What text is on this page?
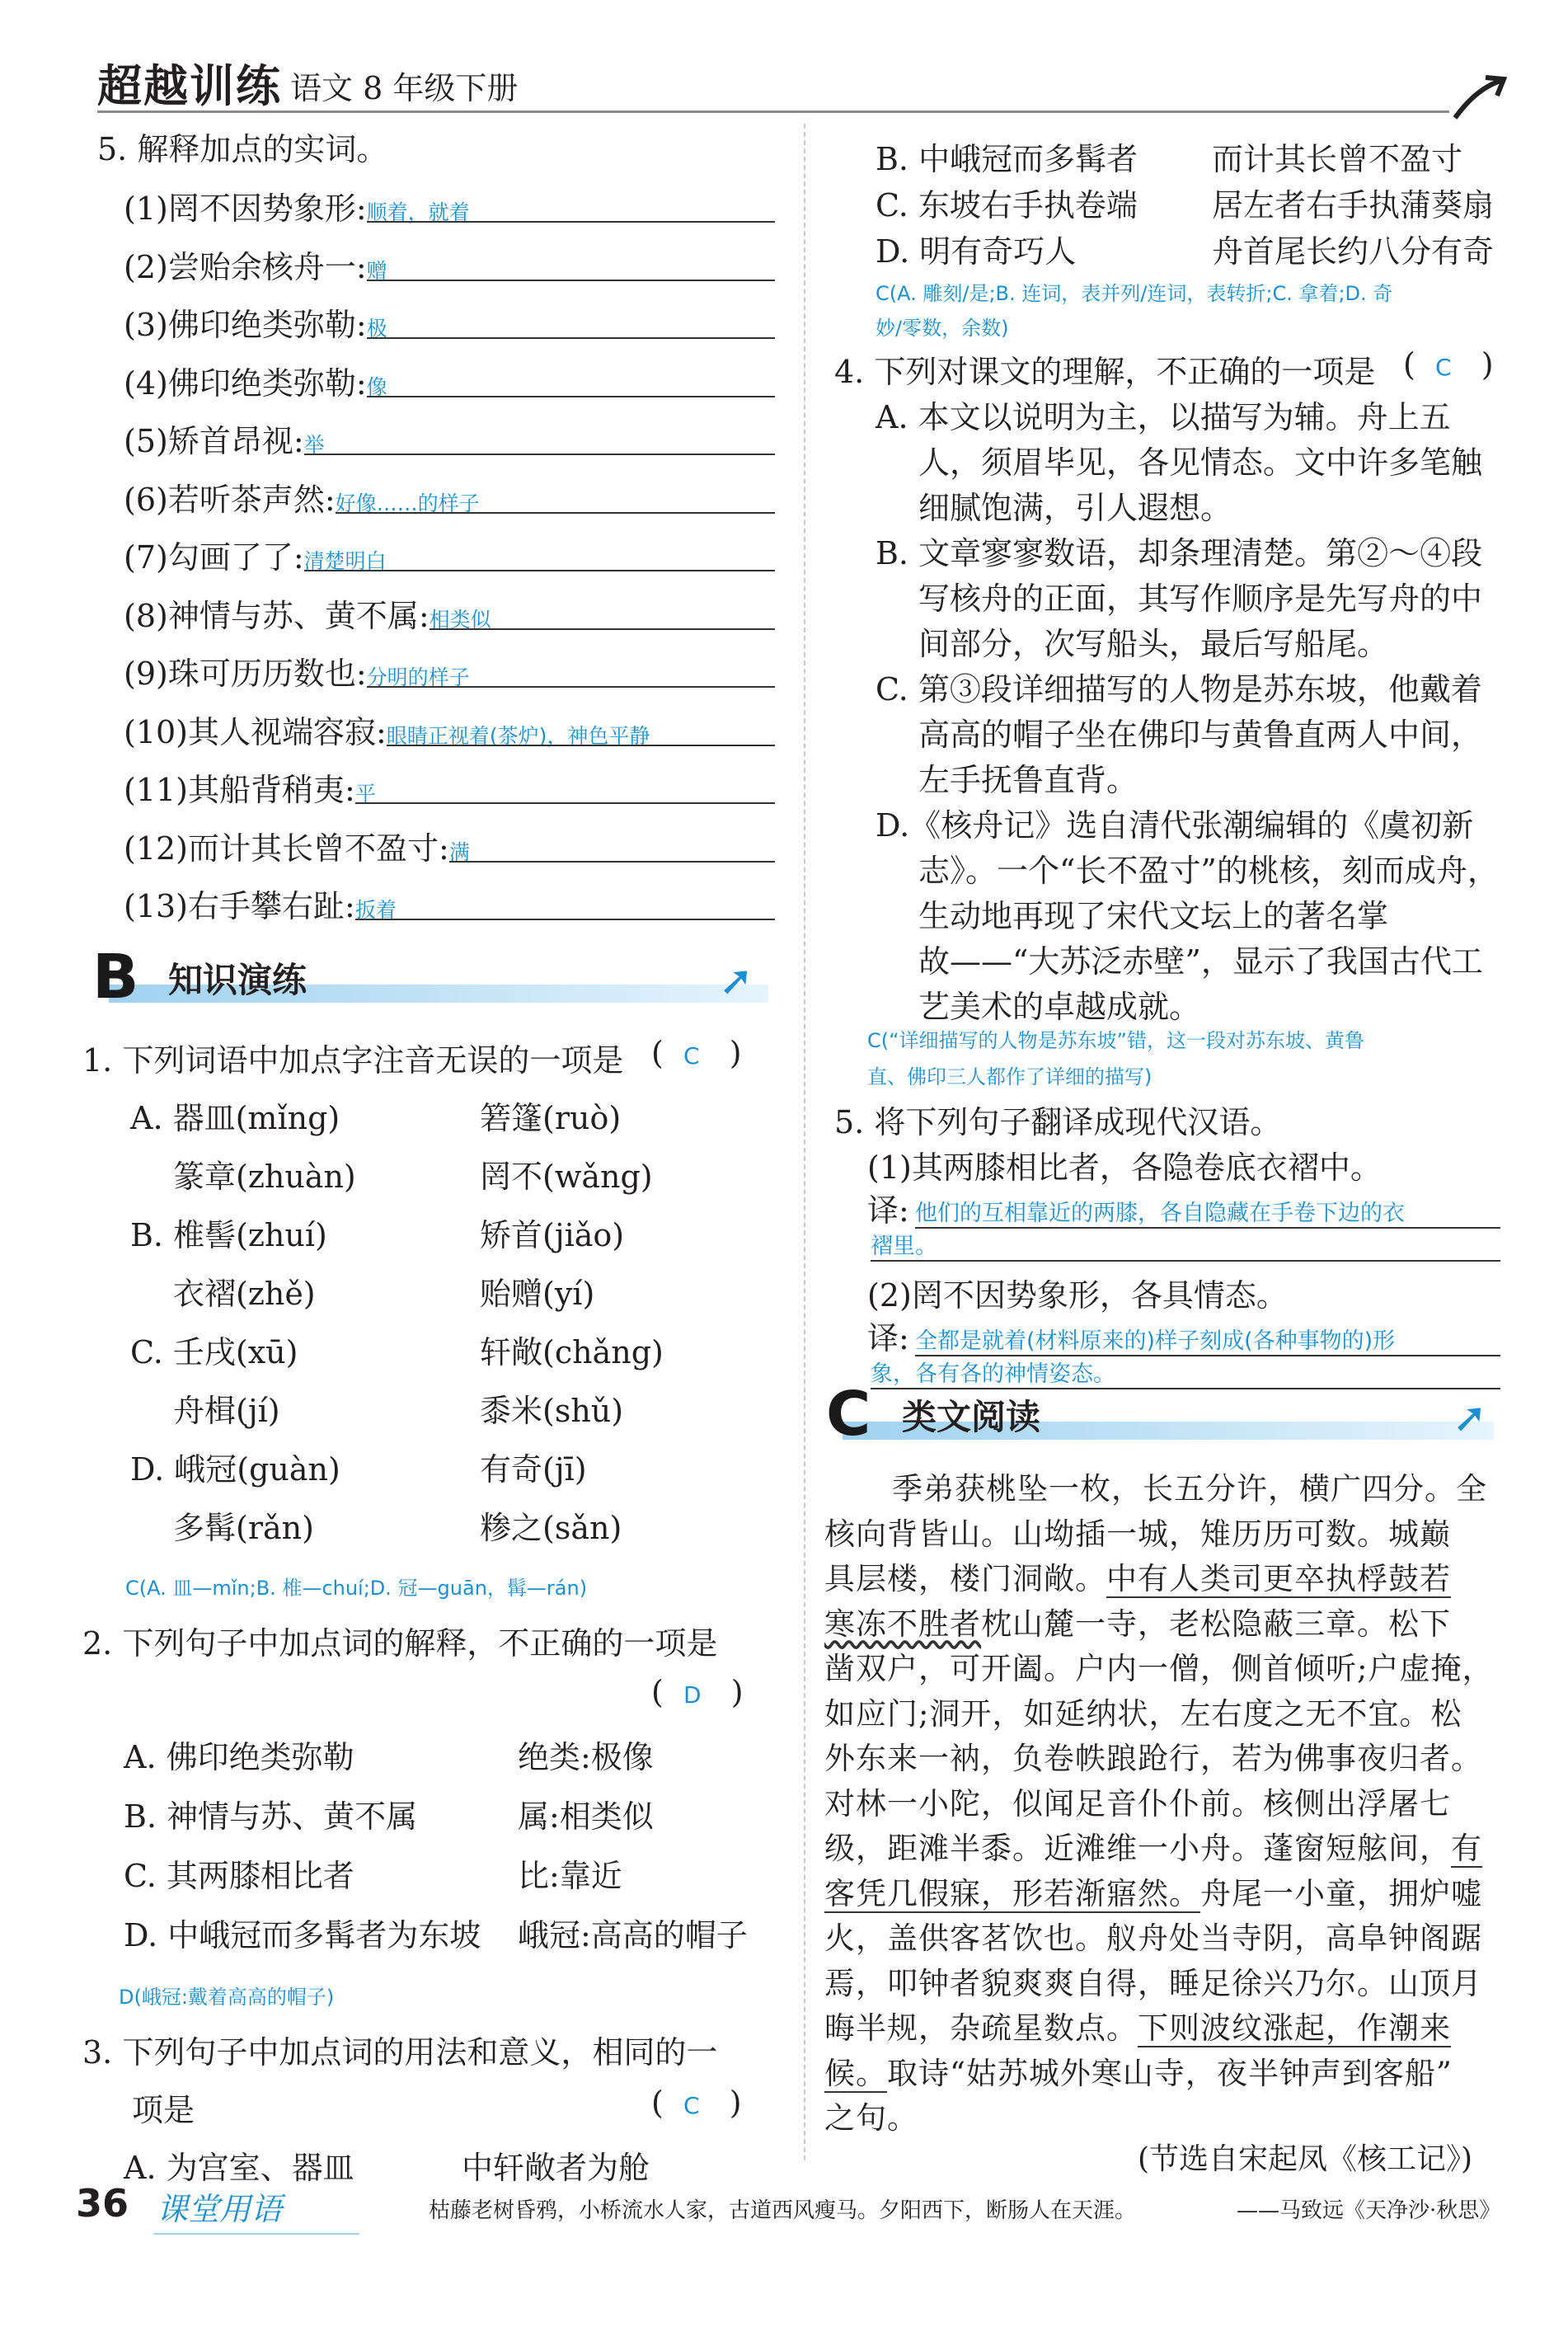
超越训练 语文 8 年级下册
5. 解释加点的实词。
(1)罔不因势象形:顺着，就着
(2)尝贻余核舟一:赠
(3)佛印绝类弥勒:极
(4)佛印绝类弥勒:像
(5)矫首昂视:举
(6)若听茶声然:好像……的样子
(7)勾画了了:清楚明白
(8)神情与苏、黄不属:相类似
(9)珠可历历数也:分明的样子
(10)其人视端容寂:眼睛正视着(茶炉)，神色平静
(11)其船背稍夷:平
(12)而计其长曾不盈寸:满
(13)右手攀右趾:扳着
B 知识演练	➚
1. 下列词语中加点字注音无误的一项是 (  C   )
A. 器皿(mǐng)	箬篷(ruò)
篆章(zhuàn)	罔不(wǎng)
B. 椎髻(zhuí)	矫首(jiǎo)
衣褶(zhě)	贻赠(yí)
C. 壬戌(xū)	轩敞(chǎng)
舟楫(jí)	黍米(shǔ)
D. 峨冠(guàn)	有奇(jī)
多髯(rǎn)	糁之(sǎn)
C(A. 皿—mǐn;B. 椎—chuí;D. 冠—guān，髯—rán)
2. 下列句子中加点词的解释，不正确的一项是
(  D   )
A. 佛印绝类弥勒	绝类:极像
B. 神情与苏、黄不属	属:相类似
C. 其两膝相比者	比:靠近
D. 中峨冠而多髯者为东坡 峨冠:高高的帽子
D(峨冠:戴着高高的帽子)
3. 下列句子中加点词的用法和意义，相同的一
项是	(  C   )
A. 为宫室、器皿	中轩敞者为舱
B. 中峨冠而多髯者 而计其长曾不盈寸
C. 东坡右手执卷端 居左者右手执蒲葵扇
D. 明有奇巧人	舟首尾长约八分有奇
C(A. 雕刻/是;B. 连词，表并列/连词，表转折;C. 拿着;D. 奇
妙/零数，余数)
4. 下列对课文的理解，不正确的一项是 (  C   )
A. 本文以说明为主，以描写为辅。舟上五
人，须眉毕见，各见情态。文中许多笔触
细腻饱满，引人遐想。
B. 文章寥寥数语，却条理清楚。第②～④段
写核舟的正面，其写作顺序是先写舟的中
间部分，次写船头，最后写船尾。
C. 第③段详细描写的人物是苏东坡，他戴着
高高的帽子坐在佛印与黄鲁直两人中间，
左手抚鲁直背。
D.《核舟记》选自清代张潮编辑的《虞初新
志》。一个“长不盈寸”的桃核，刻而成舟，
生动地再现了宋代文坛上的著名掌
故——“大苏泛赤壁”，显示了我国古代工
艺美术的卓越成就。
C(“详细描写的人物是苏东坡”错，这一段对苏东坡、黄鲁
直、佛印三人都作了详细的描写)
5. 将下列句子翻译成现代汉语。
(1)其两膝相比者，各隐卷底衣褶中。
译: 他们的互相靠近的两膝，各自隐藏在手卷下边的衣
褶里。
(2)罔不因势象形，各具情态。
译: 全都是就着(材料原来的)样子刻成(各种事物的)形
象，各有各的神情姿态。
C 类文阅读	➚
季弟获桃坠一枚，长五分许，横广四分。全
核向背皆山。山坳插一城，雉历历可数。城巅
具层楼，楼门洞敞。中有人类司更卒执桴鼓若
寒冻不胜者枕山麓一寺，老松隐蔽三章。松下
凿双户，可开阖。户内一僧，侧首倾听;户虚掩，
如应门;洞开，如延纳状，左右度之无不宜。松
外东来一衲，负卷帙踉跄行，若为佛事夜归者。
对林一小陀，似闻足音仆仆前。核侧出浮屠七
级，距滩半黍。近滩维一小舟。蓬窗短舷间，有
客凭几假寐，形若渐寤然。舟尾一小童，拥炉嘘
火，盖供客茗饮也。舣舟处当寺阴，高阜钟阁踞
焉，叩钟者貌爽爽自得，睡足徐兴乃尔。山顶月
晦半规，杂疏星数点。下则波纹涨起，作潮来
候。取诗“姑苏城外寒山寺，夜半钟声到客船”
之句。
(节选自宋起凤《核工记》)
36 课堂用语	枯藤老树昏鸦，小桥流水人家，古道西风瘦马。夕阳西下，断肠人在天涯。	——马致远《天净沙·秋思》
